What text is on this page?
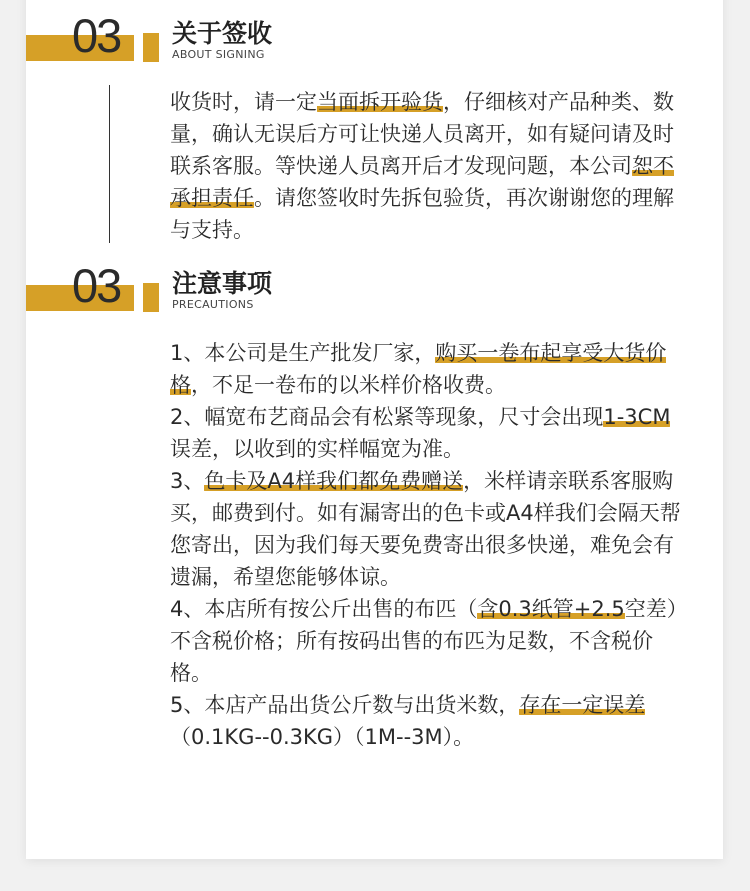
03 关于签收
ABOUT SIGNING

收货时，请一定当面拆开验货，仔细核对产品种类、数量，确认无误后方可让快递人员离开，如有疑问请及时联系客服。等快递人员离开后才发现问题，本公司恕不承担责任。请您签收时先拆包验货，再次谢谢您的理解与支持。

03 注意事项
PRECAUTIONS

1、本公司是生产批发厂家，购买一卷布起享受大货价格，不足一卷布的以米样价格收费。

2、幅宽布艺商品会有松紧等现象，尺寸会出现1-3CM误差，以收到的实样幅宽为准。

3、色卡及A4样我们都免费赠送，米样请亲联系客服购买，邮费到付。如有漏寄出的色卡或A4样我们会隔天帮您寄出，因为我们每天要免费寄出很多快递，难免会有遗漏，希望您能够体谅。

4、本店所有按公斤出售的布匹（含0.3纸管+2.5空差）不含税价格；所有按码出售的布匹为足数，不含税价格。

5、本店产品出货公斤数与出货米数，存在一定误差（0.1KG--0.3KG）（1M--3M）。
